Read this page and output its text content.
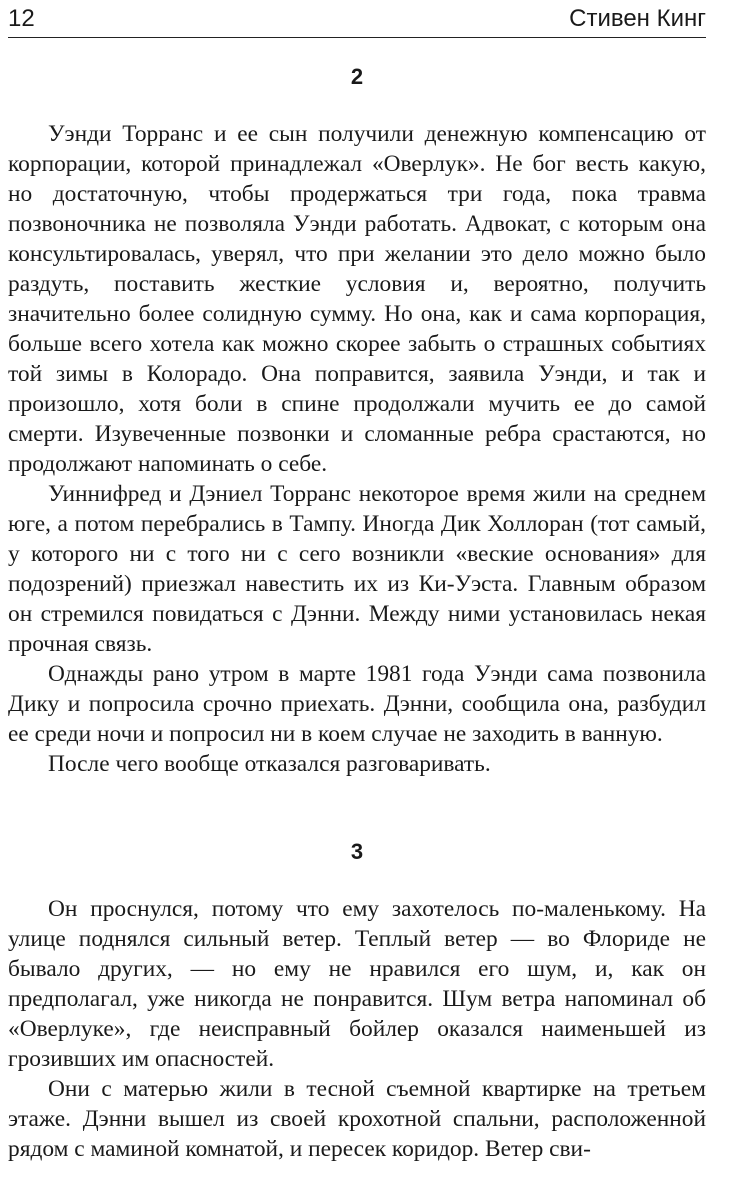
12	Стивен Кинг
2

Уэнди Торранс и ее сын получили денежную компенсацию от корпорации, которой принадлежал «Оверлук». Не бог весть какую, но достаточную, чтобы продержаться три года, пока травма позвоночника не позволяла Уэнди работать. Адвокат, с которым она консультировалась, уверял, что при желании это дело можно было раздуть, поставить жесткие условия и, вероятно, получить значительно более солидную сумму. Но она, как и сама корпорация, больше всего хотела как можно скорее забыть о страшных событиях той зимы в Колорадо. Она поправится, заявила Уэнди, и так и произошло, хотя боли в спине продолжали мучить ее до самой смерти. Изувеченные позвонки и сломанные ребра срастаются, но продолжают напоминать о себе.

Уиннифред и Дэниел Торранс некоторое время жили на среднем юге, а потом перебрались в Тампу. Иногда Дик Холлоран (тот самый, у которого ни с того ни с сего возникли «веские основания» для подозрений) приезжал навестить их из Ки-Уэста. Главным образом он стремился повидаться с Дэнни. Между ними установилась некая прочная связь.

Однажды рано утром в марте 1981 года Уэнди сама позвонила Дику и попросила срочно приехать. Дэнни, сообщила она, разбудил ее среди ночи и попросил ни в коем случае не заходить в ванную.

После чего вообще отказался разговаривать.

3

Он проснулся, потому что ему захотелось по-маленькому. На улице поднялся сильный ветер. Теплый ветер — во Флориде не бывало других, — но ему не нравился его шум, и, как он предполагал, уже никогда не понравится. Шум ветра напоминал об «Оверлуке», где неисправный бойлер оказался наименьшей из грозивших им опасностей.

Они с матерью жили в тесной съемной квартирке на третьем этаже. Дэнни вышел из своей крохотной спальни, расположенной рядом с маминой комнатой, и пересек коридор. Ветер сви-
